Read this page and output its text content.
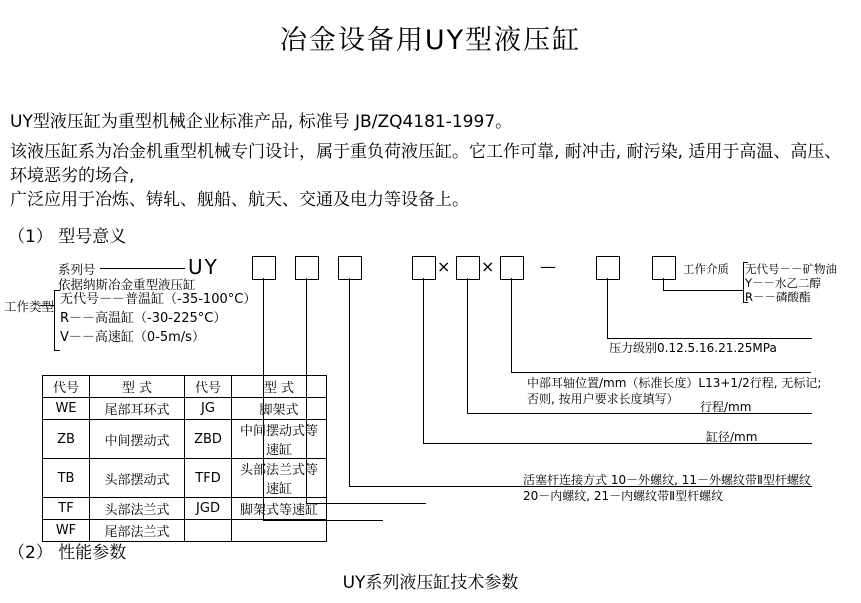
冶金设备用UY型液压缸
UY型液压缸为重型机械企业标准产品, 标准号 JB/ZQ4181-1997。
该液压缸系为冶金机重型机械专门设计，属于重负荷液压缸。它工作可靠, 耐冲击, 耐污染, 适用于高温、高压、环境恶劣的场合,
广泛应用于冶炼、铸轧、舰船、航天、交通及电力等设备上。
（1） 型号意义
（2） 性能参数
UY系列液压缸技术参数
UY	× ×	—
系列号
依据纳斯冶金重型液压缸
工作类型 无代号－－普温缸（-35-100°C）
R－－高温缸（-30-225°C）
V－－高速缸（0-5m/s）
代号	型 式	代号	型 式
WE	尾部耳环式	JG	脚架式
ZB	中间摆动式	ZBD	中间摆动式等速缸
TB	头部摆动式	TFD	头部法兰式等速缸
TF	头部法兰式	JGD	脚架式等速缸
WF	尾部法兰式		
工作介质 无代号－－矿物油
Y－－水乙二醇
R－－磷酸酯
压力级别0.12.5.16.21.25MPa
中部耳轴位置/mm（标准长度）L13+1/2行程, 无标记;
否则, 按用户要求长度填写）
行程/mm
缸径/mm
活塞杆连接方式 10－外螺纹, 11－外螺纹带Ⅱ型杆螺纹
20－内螺纹, 21－内螺纹带Ⅱ型杆螺纹
